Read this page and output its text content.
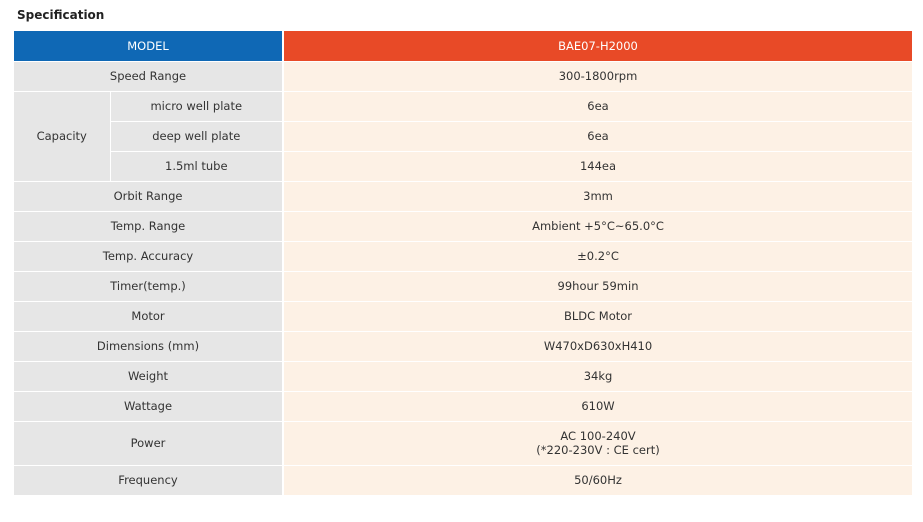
Specification
MODEL		BAE07-H2000
Speed Range		300-1800rpm
Capacity	micro well plate	6ea
	deep well plate	6ea
	1.5ml tube	144ea
Orbit Range		3mm
Temp. Range		Ambient +5°C~65.0°C
Temp. Accuracy		±0.2°C
Timer(temp.)		99hour 59min
Motor		BLDC Motor
Dimensions (mm)		W470xD630xH410
Weight		34kg
Wattage		610W
Power		AC 100-240V
(*220-230V : CE cert)

Frequency		50/60Hz
